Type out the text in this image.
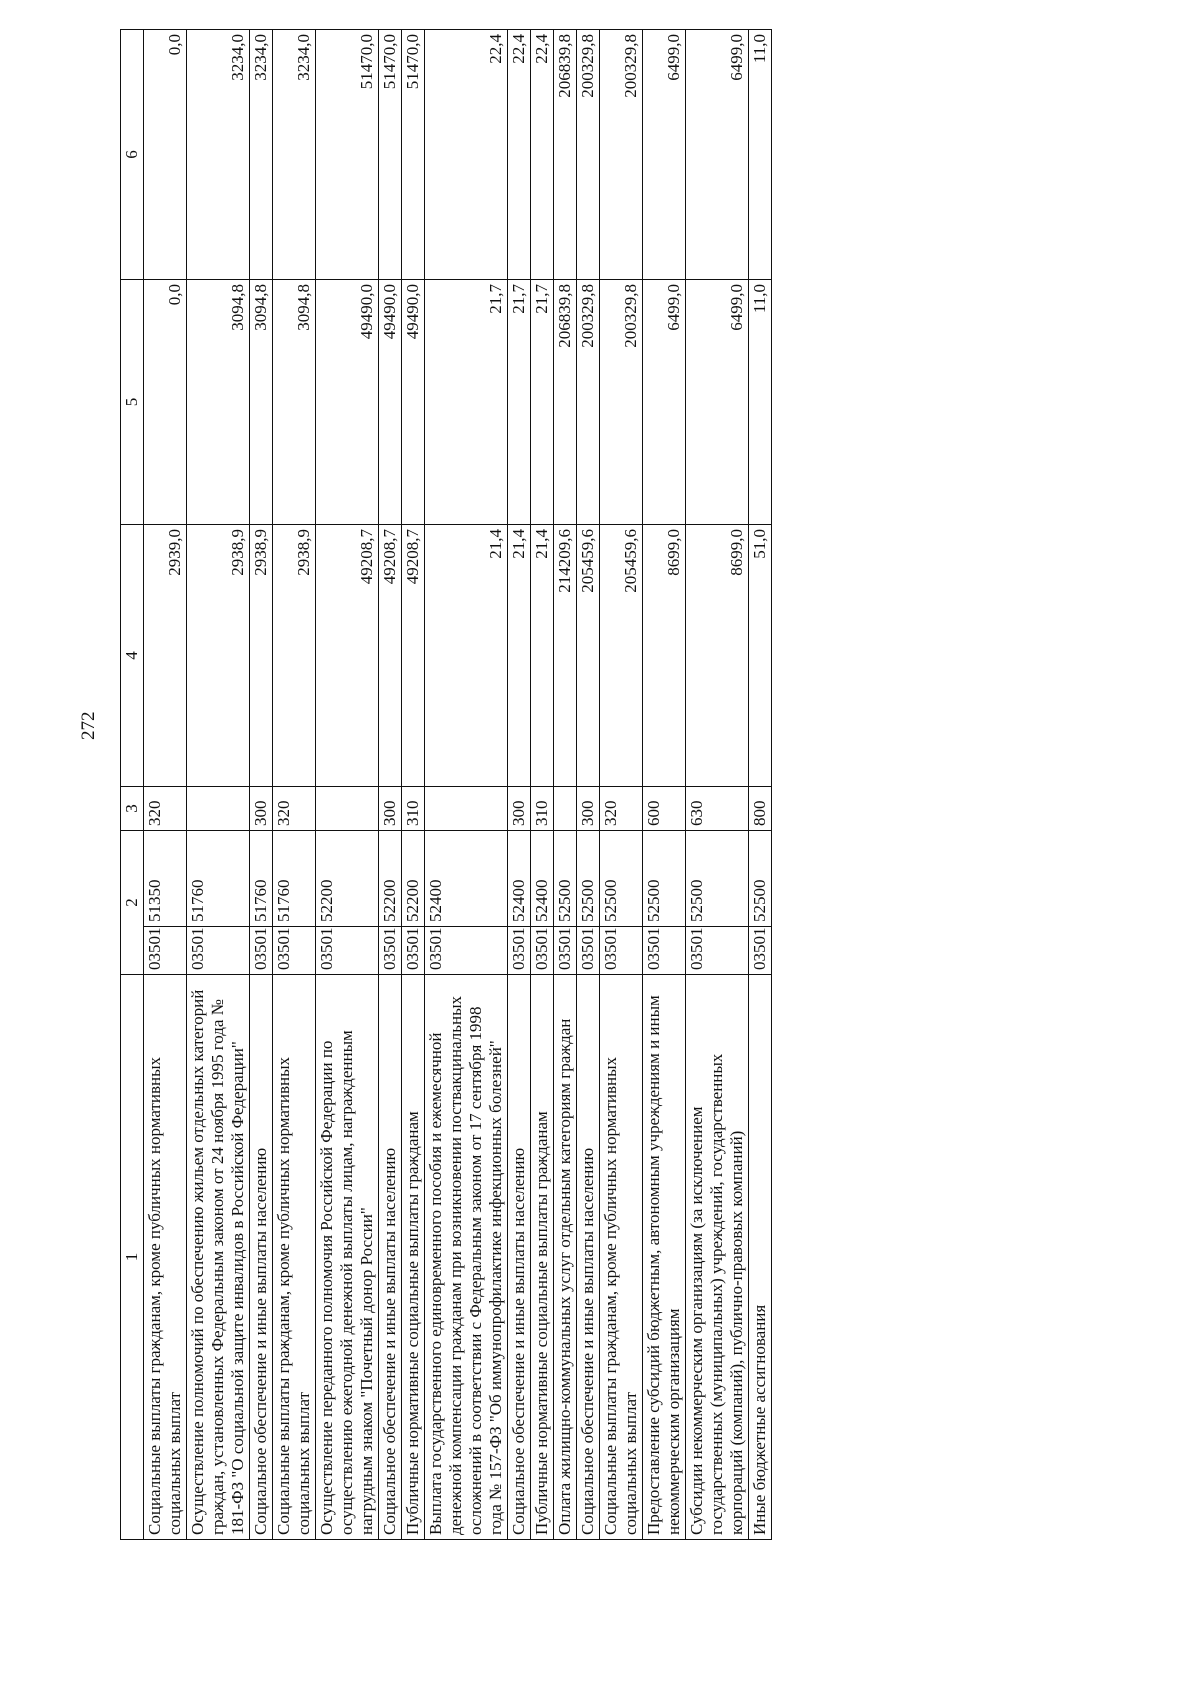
272
1	2		3	4	5	6
Социальные выплаты гражданам, кроме публичных нормативных социальных выплат	03501	51350	320	2939,0	0,0	0,0
Осуществление полномочий по обеспечению жильем отдельных категорий граждан, установленных Федеральным законом от 24 ноября 1995 года № 181-ФЗ "О социальной защите инвалидов в Российской Федерации"	03501	51760		2938,9	3094,8	3234,0
Социальное обеспечение и иные выплаты населению	03501	51760	300	2938,9	3094,8	3234,0
Социальные выплаты гражданам, кроме публичных нормативных социальных выплат	03501	51760	320	2938,9	3094,8	3234,0
Осуществление переданного полномочия Российской Федерации по осуществлению ежегодной денежной выплаты лицам, награжденным нагрудным знаком "Почетный донор России"	03501	52200		49208,7	49490,0	51470,0
Социальное обеспечение и иные выплаты населению	03501	52200	300	49208,7	49490,0	51470,0
Публичные нормативные социальные выплаты гражданам	03501	52200	310	49208,7	49490,0	51470,0
Выплата государственного единовременного пособия и ежемесячной денежной компенсации гражданам при возникновении поствакцинальных осложнений в соответствии с Федеральным законом от 17 сентября 1998 года № 157-ФЗ "Об иммунопрофилактике инфекционных болезней"	03501	52400		21,4	21,7	22,4
Социальное обеспечение и иные выплаты населению	03501	52400	300	21,4	21,7	22,4
Публичные нормативные социальные выплаты гражданам	03501	52400	310	21,4	21,7	22,4
Оплата жилищно-коммунальных услуг отдельным категориям граждан	03501	52500		214209,6	206839,8	206839,8
Социальное обеспечение и иные выплаты населению	03501	52500	300	205459,6	200329,8	200329,8
Социальные выплаты гражданам, кроме публичных нормативных социальных выплат	03501	52500	320	205459,6	200329,8	200329,8
Предоставление субсидий бюджетным, автономным учреждениям и иным некоммерческим организациям	03501	52500	600	8699,0	6499,0	6499,0
Субсидии некоммерческим организациям (за исключением государственных (муниципальных) учреждений, государственных корпораций (компаний), публично-правовых компаний)	03501	52500	630	8699,0	6499,0	6499,0
Иные бюджетные ассигнования	03501	52500	800	51,0	11,0	11,0
